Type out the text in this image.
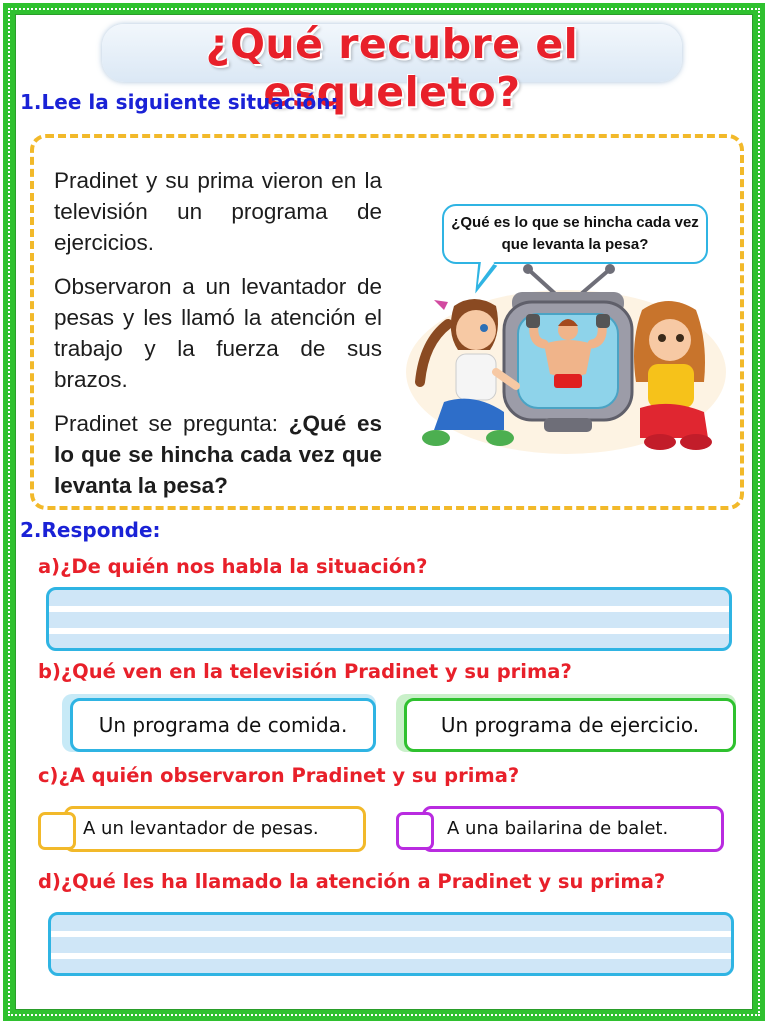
¿Qué recubre el esqueleto?
1.Lee la siguiente situación:

Pradinet y su prima vieron en la televisión un programa de ejercicios.

Observaron a un levantador de pesas y les llamó la atención el trabajo y la fuerza de sus brazos.

Pradinet se pregunta: ¿Qué es lo que se hincha cada vez que levanta la pesa?

¿Qué es lo que se hincha cada vez que levanta la pesa?
2.Responde:

a)¿De quién nos habla la situación?

b)¿Qué ven en la televisión Pradinet y su prima?

Un programa de comida.	Un programa de ejercicio.

c)¿A quién observaron Pradinet y su prima?

A un levantador de pesas.	A una bailarina de balet.

d)¿Qué les ha llamado la atención a Pradinet y su prima?
